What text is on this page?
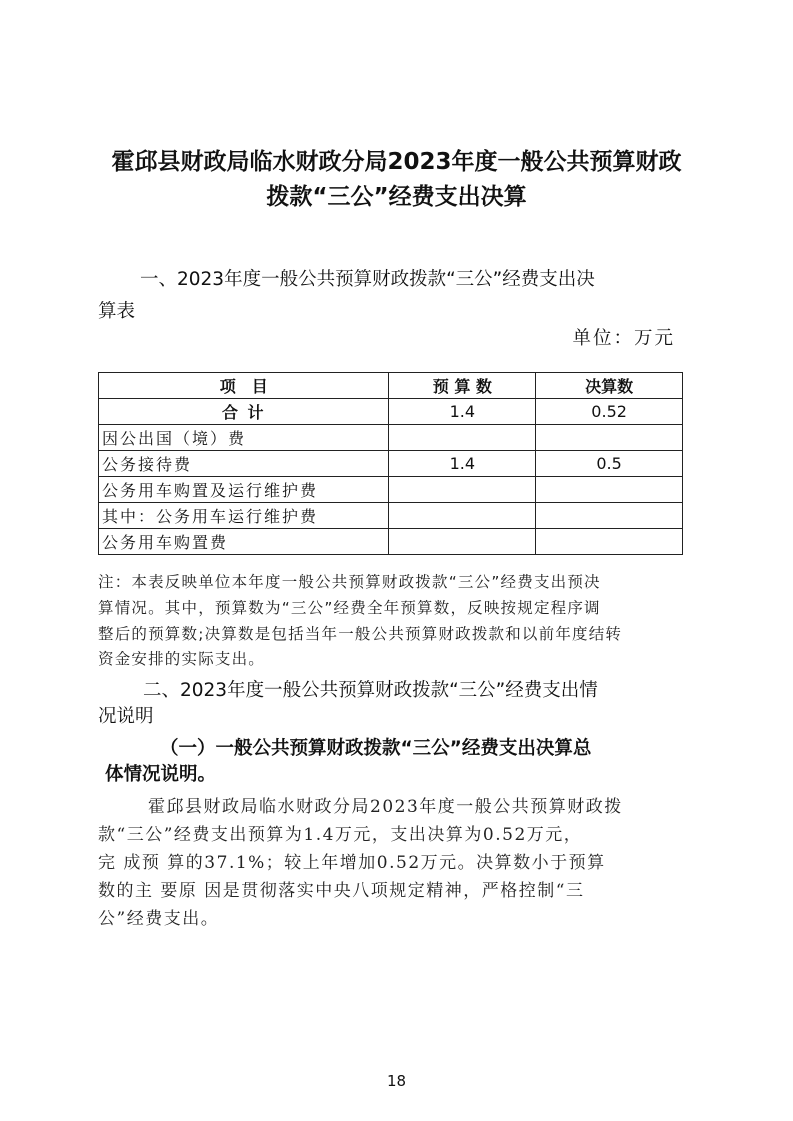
霍邱县财政局临水财政分局2023年度一般公共预算财政
拨款“三公”经费支出决算
一、2023年度一般公共预算财政拨款“三公”经费支出决
算表
单位：万元
项　目	预 算 数	决算数
合 计	1.4	0.52
因公出国（境）费		
公务接待费	1.4	0.5
公务用车购置及运行维护费		
其中：公务用车运行维护费		
公务用车购置费		
注：本表反映单位本年度一般公共预算财政拨款“三公”经费支出预决
算情况。其中，预算数为“三公”经费全年预算数，反映按规定程序调
整后的预算数;决算数是包括当年一般公共预算财政拨款和以前年度结转
资金安排的实际支出。
二、2023年度一般公共预算财政拨款“三公”经费支出情
况说明
（一）一般公共预算财政拨款“三公”经费支出决算总
体情况说明。
霍邱县财政局临水财政分局2023年度一般公共预算财政拨
款“三公”经费支出预算为1.4万元，支出决算为0.52万元，
完 成预 算的37.1%；较上年增加0.52万元。决算数小于预算
数的主 要原 因是贯彻落实中央八项规定精神，严格控制“三
公”经费支出。
18
